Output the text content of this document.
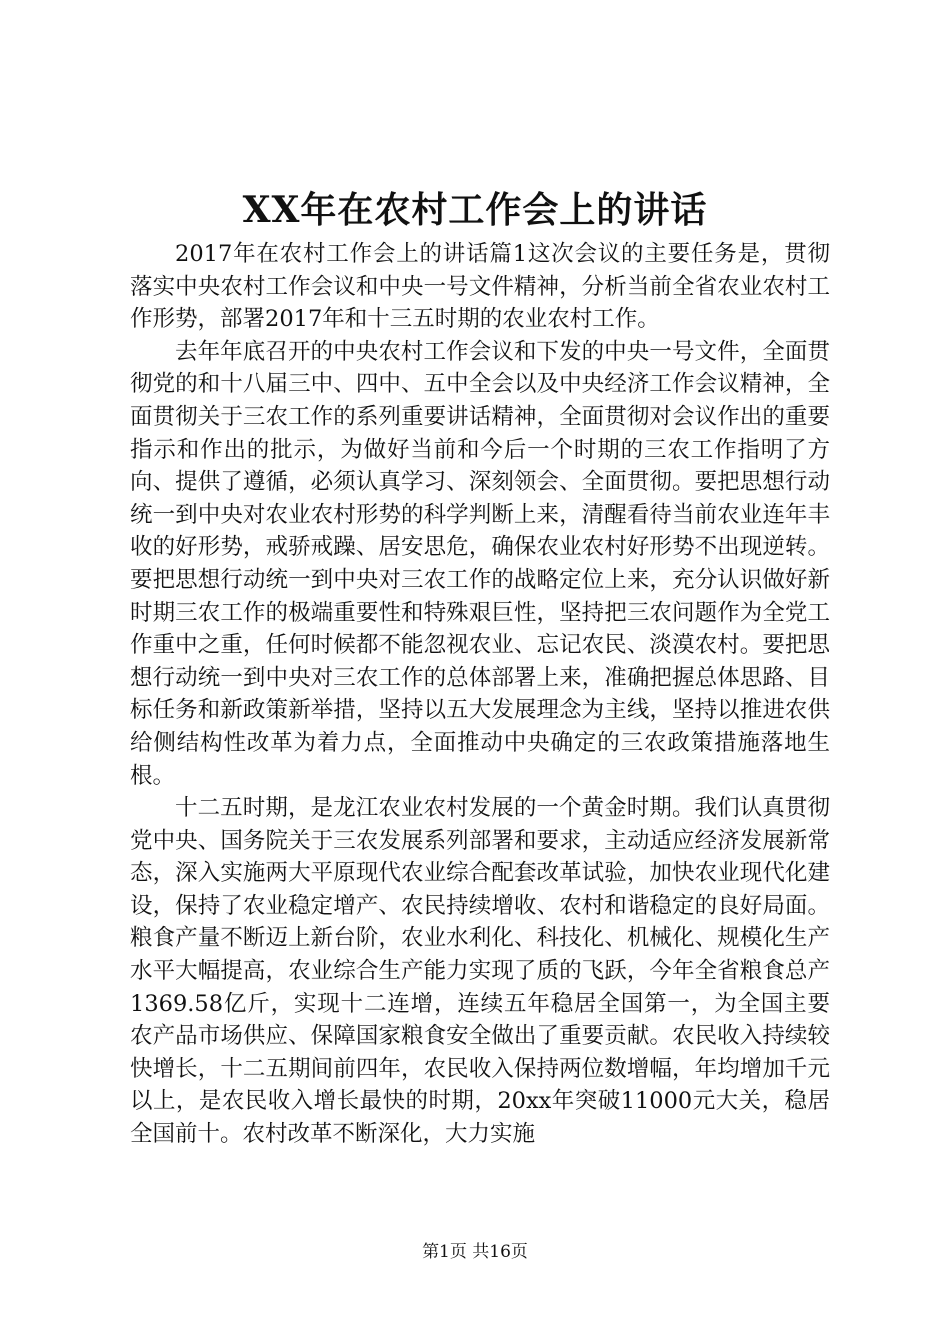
XX年在农村工作会上的讲话

2017年在农村工作会上的讲话篇1这次会议的主要任务是，贯彻落实中央农村工作会议和中央一号文件精神，分析当前全省农业农村工作形势，部署2017年和十三五时期的农业农村工作。

去年年底召开的中央农村工作会议和下发的中央一号文件，全面贯彻党的和十八届三中、四中、五中全会以及中央经济工作会议精神，全面贯彻关于三农工作的系列重要讲话精神，全面贯彻对会议作出的重要指示和作出的批示，为做好当前和今后一个时期的三农工作指明了方向、提供了遵循，必须认真学习、深刻领会、全面贯彻。要把思想行动统一到中央对农业农村形势的科学判断上来，清醒看待当前农业连年丰收的好形势，戒骄戒躁、居安思危，确保农业农村好形势不出现逆转。要把思想行动统一到中央对三农工作的战略定位上来，充分认识做好新时期三农工作的极端重要性和特殊艰巨性，坚持把三农问题作为全党工作重中之重，任何时候都不能忽视农业、忘记农民、淡漠农村。要把思想行动统一到中央对三农工作的总体部署上来，准确把握总体思路、目标任务和新政策新举措，坚持以五大发展理念为主线，坚持以推进农供给侧结构性改革为着力点，全面推动中央确定的三农政策措施落地生根。

十二五时期，是龙江农业农村发展的一个黄金时期。我们认真贯彻党中央、国务院关于三农发展系列部署和要求，主动适应经济发展新常态，深入实施两大平原现代农业综合配套改革试验，加快农业现代化建设，保持了农业稳定增产、农民持续增收、农村和谐稳定的良好局面。粮食产量不断迈上新台阶，农业水利化、科技化、机械化、规模化生产水平大幅提高，农业综合生产能力实现了质的飞跃，今年全省粮食总产1369.58亿斤，实现十二连增，连续五年稳居全国第一，为全国主要农产品市场供应、保障国家粮食安全做出了重要贡献。农民收入持续较快增长，十二五期间前四年，农民收入保持两位数增幅，年均增加千元以上，是农民收入增长最快的时期，20xx年突破11000元大关，稳居全国前十。农村改革不断深化，大力实施

第1页 共16页
